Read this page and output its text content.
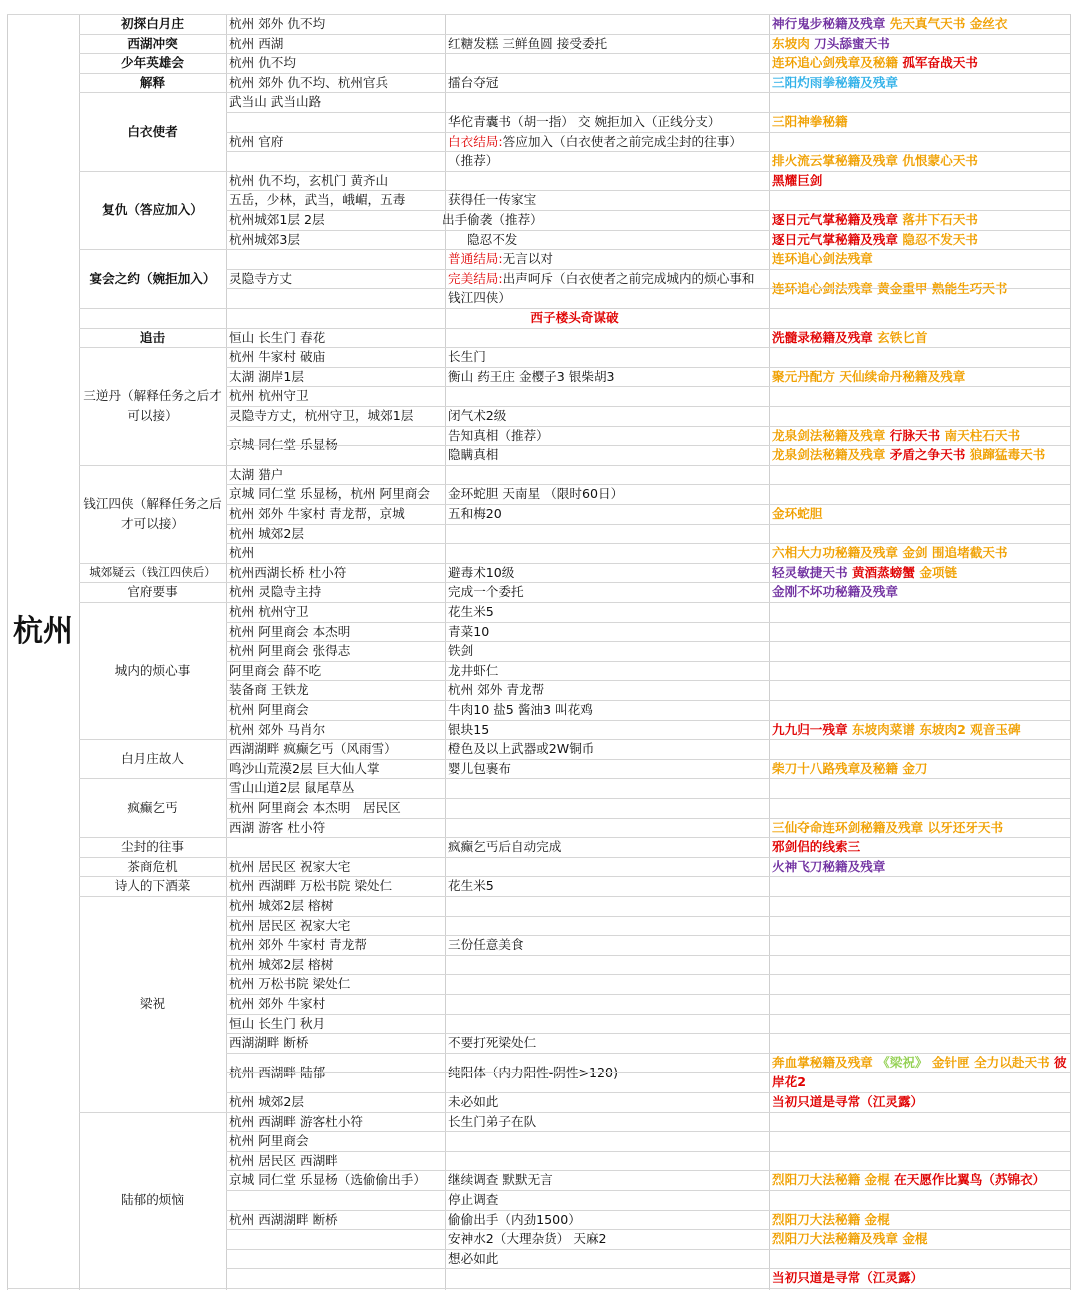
杭州
初探白月庄
西湖冲突
少年英雄会
解释
白衣使者
复仇（答应加入）
宴会之约（婉拒加入）
追击
三逆丹（解释任务之后才可以接）
钱江四侠（解释任务之后才可以接）
城郊疑云（钱江四侠后）
官府要事
城内的烦心事
白月庄故人
疯癫乞丐
尘封的往事
茶商危机
诗人的下酒菜
梁祝
陆郁的烦恼
杭州 郊外 仇不均
杭州 西湖
杭州 仇不均
杭州 郊外 仇不均、杭州官兵
武当山 武当山路
杭州 官府
杭州 仇不均，玄机门 黄齐山
五岳，少林，武当，峨嵋，五毒
杭州城郊1层 2层
杭州城郊3层
灵隐寺方丈
恒山 长生门 春花
杭州 牛家村 破庙
太湖 湖岸1层
杭州 杭州守卫
灵隐寺方丈，杭州守卫，城郊1层
京城 同仁堂 乐显杨
太湖 猎户
京城 同仁堂 乐显杨，杭州 阿里商会
杭州 郊外 牛家村 青龙帮，京城
杭州 城郊2层
杭州
杭州西湖长桥 杜小符
杭州 灵隐寺主持
杭州 杭州守卫
杭州 阿里商会 本杰明
杭州 阿里商会 张得志
阿里商会 薛不吃
装备商 王铁龙
杭州 阿里商会
杭州 郊外 马肖尔
西湖湖畔 疯癫乞丐（风雨雪）
鸣沙山荒漠2层 巨大仙人掌
雪山山道2层 鼠尾草丛
杭州 阿里商会 本杰明　居民区
西湖 游客 杜小符
杭州 居民区 祝家大宅
杭州 西湖畔 万松书院 梁处仁
杭州 城郊2层 榕树
杭州 居民区 祝家大宅
杭州 郊外 牛家村 青龙帮
杭州 城郊2层 榕树
杭州 万松书院 梁处仁
杭州 郊外 牛家村
恒山 长生门 秋月
西湖湖畔 断桥
杭州 西湖畔 陆郁
杭州 城郊2层
杭州 西湖畔 游客杜小符
杭州 阿里商会
杭州 居民区 西湖畔
京城 同仁堂 乐显杨（选偷偷出手）
杭州 西湖湖畔 断桥
红糖发糕 三鲜鱼圆 接受委托
擂台夺冠
华佗青囊书（胡一指） 交 婉拒加入（正线分支）
获得任一传家宝
出手偷袭（推荐）
隐忍不发
长生门
衡山 药王庄 金樱子3 银柴胡3
闭气术2级
告知真相（推荐）
隐瞒真相
金环蛇胆 天南星 （限时60日）
五和梅20
避毒术10级
完成一个委托
花生米5
青菜10
铁剑
龙井虾仁
杭州 郊外 青龙帮
牛肉10 盐5 酱油3 叫花鸡
银块15
橙色及以上武器或2W铜币
婴儿包裹布
疯癫乞丐后自动完成
花生米5
三份任意美食
不要打死梁处仁
纯阳体（内力阳性-阴性>120)
未必如此
长生门弟子在队
继续调查 默默无言
停止调查
偷偷出手（内劲1500）
安神水2（大理杂货） 天麻2
想必如此
白衣结局:答应加入（白衣使者之前完成尘封的往事） （推荐）
普通结局:无言以对
完美结局:出声呵斥（白衣使者之前完成城内的烦心事和钱江四侠）
神行鬼步秘籍及残章 先天真气天书 金丝衣
东坡肉 刀头舔蜜天书
连环追心剑残章及秘籍 孤军奋战天书
三阳灼雨拳秘籍及残章
三阳神拳秘籍
排火流云掌秘籍及残章 仇恨蒙心天书
黑耀巨剑
逐日元气掌秘籍及残章 落井下石天书
逐日元气掌秘籍及残章 隐忍不发天书
连环追心剑法残章
连环追心剑法残章 黄金重甲 熟能生巧天书
洗髓录秘籍及残章 玄铁匕首
聚元丹配方 天仙续命丹秘籍及残章
龙泉剑法秘籍及残章 行脉天书 南天柱石天书
龙泉剑法秘籍及残章 矛盾之争天书 狼蹿猛毒天书
金环蛇胆
六相大力功秘籍及残章 金剑 围追堵截天书
轻灵敏捷天书 黄酒蒸螃蟹 金项链
金刚不坏功秘籍及残章
九九归一残章 东坡肉菜谱 东坡肉2 观音玉碑
柴刀十八路残章及秘籍 金刀
三仙夺命连环剑秘籍及残章 以牙还牙天书
邪剑侣的线索三
火神飞刀秘籍及残章
奔血掌秘籍及残章 《梁祝》 金针匣 全力以赴天书 彼岸花2
当初只道是寻常（江灵露）
烈阳刀大法秘籍 金棍 在天愿作比翼鸟（苏锦衣）
烈阳刀大法秘籍 金棍
烈阳刀大法秘籍及残章 金棍
当初只道是寻常（江灵露）
西子楼头奇谋破
